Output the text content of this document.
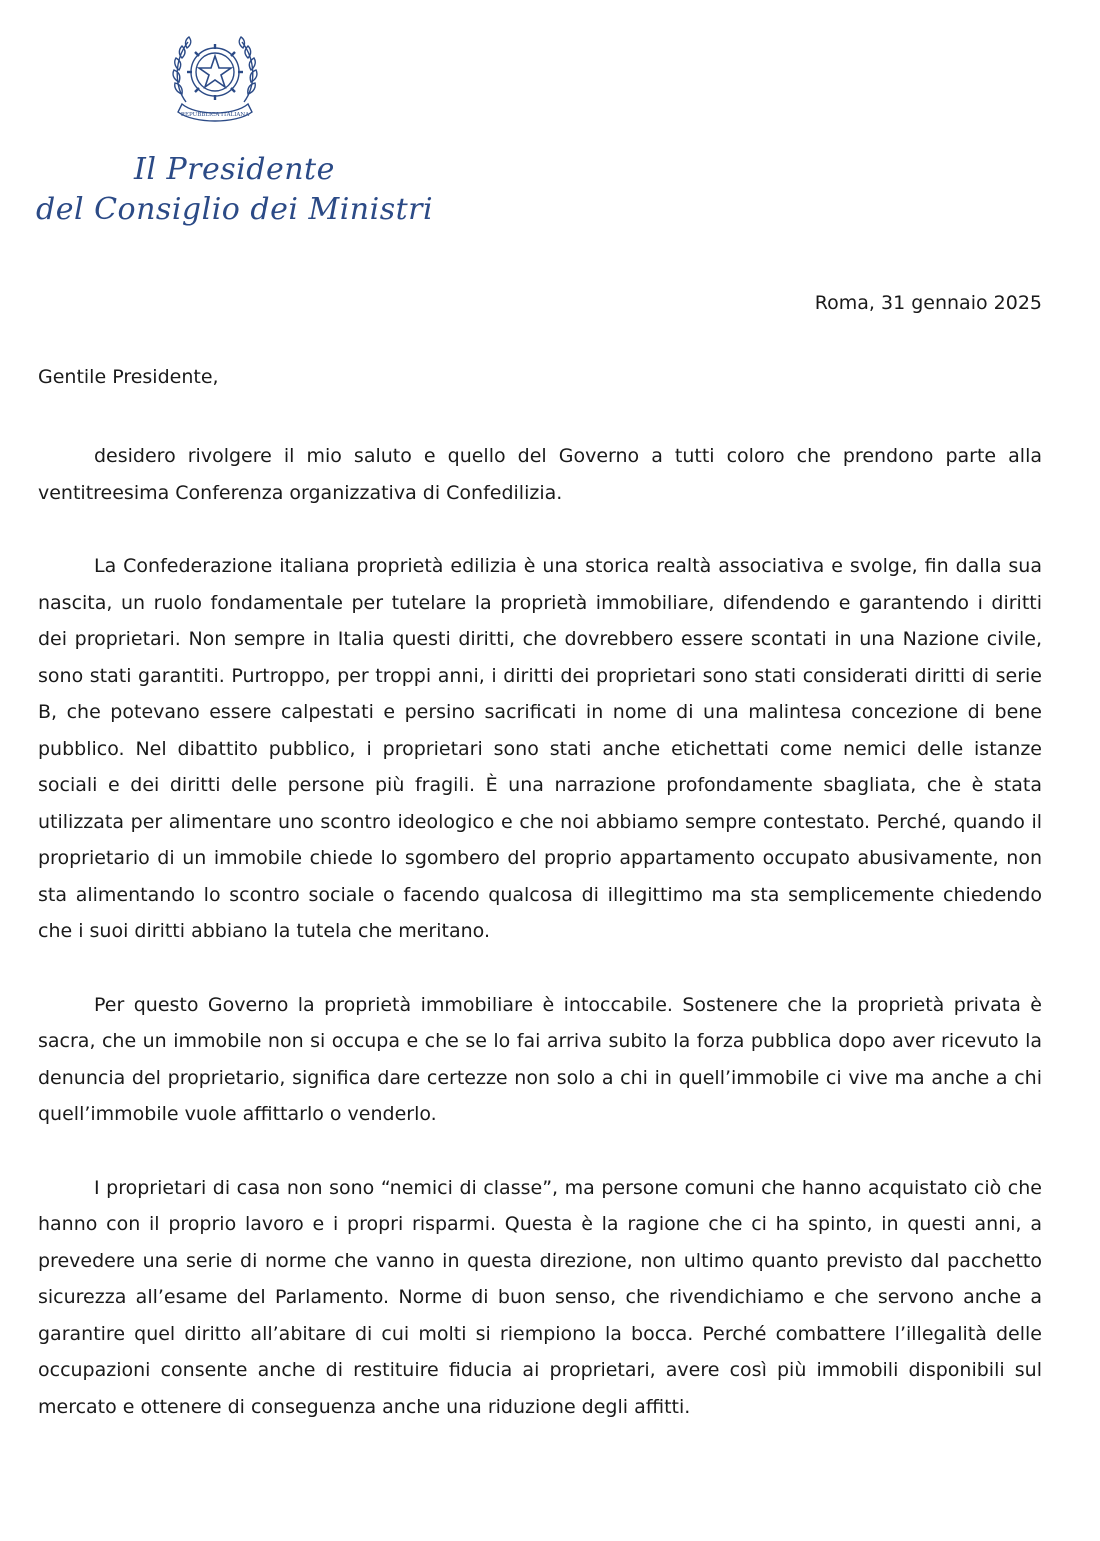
REPUBBLICA ITALIANA
Il Presidente
del Consiglio dei Ministri
Roma, 31 gennaio 2025
Gentile Presidente,

desidero rivolgere il mio saluto e quello del Governo a tutti coloro che prendono parte alla ventitreesima Conferenza organizzativa di Confedilizia.

La Confederazione italiana proprietà edilizia è una storica realtà associativa e svolge, fin dalla sua nascita, un ruolo fondamentale per tutelare la proprietà immobiliare, difendendo e garantendo i diritti dei proprietari. Non sempre in Italia questi diritti, che dovrebbero essere scontati in una Nazione civile, sono stati garantiti. Purtroppo, per troppi anni, i diritti dei proprietari sono stati considerati diritti di serie B, che potevano essere calpestati e persino sacrificati in nome di una malintesa concezione di bene pubblico. Nel dibattito pubblico, i proprietari sono stati anche etichettati come nemici delle istanze sociali e dei diritti delle persone più fragili. È una narrazione profondamente sbagliata, che è stata utilizzata per alimentare uno scontro ideologico e che noi abbiamo sempre contestato. Perché, quando il proprietario di un immobile chiede lo sgombero del proprio appartamento occupato abusivamente, non sta alimentando lo scontro sociale o facendo qualcosa di illegittimo ma sta semplicemente chiedendo che i suoi diritti abbiano la tutela che meritano.

Per questo Governo la proprietà immobiliare è intoccabile. Sostenere che la proprietà privata è sacra, che un immobile non si occupa e che se lo fai arriva subito la forza pubblica dopo aver ricevuto la denuncia del proprietario, significa dare certezze non solo a chi in quell’immobile ci vive ma anche a chi quell’immobile vuole affittarlo o venderlo.

I proprietari di casa non sono “nemici di classe”, ma persone comuni che hanno acquistato ciò che hanno con il proprio lavoro e i propri risparmi. Questa è la ragione che ci ha spinto, in questi anni, a prevedere una serie di norme che vanno in questa direzione, non ultimo quanto previsto dal pacchetto sicurezza all’esame del Parlamento. Norme di buon senso, che rivendichiamo e che servono anche a garantire quel diritto all’abitare di cui molti si riempiono la bocca. Perché combattere l’illegalità delle occupazioni consente anche di restituire fiducia ai proprietari, avere così più immobili disponibili sul mercato e ottenere di conseguenza anche una riduzione degli affitti.
